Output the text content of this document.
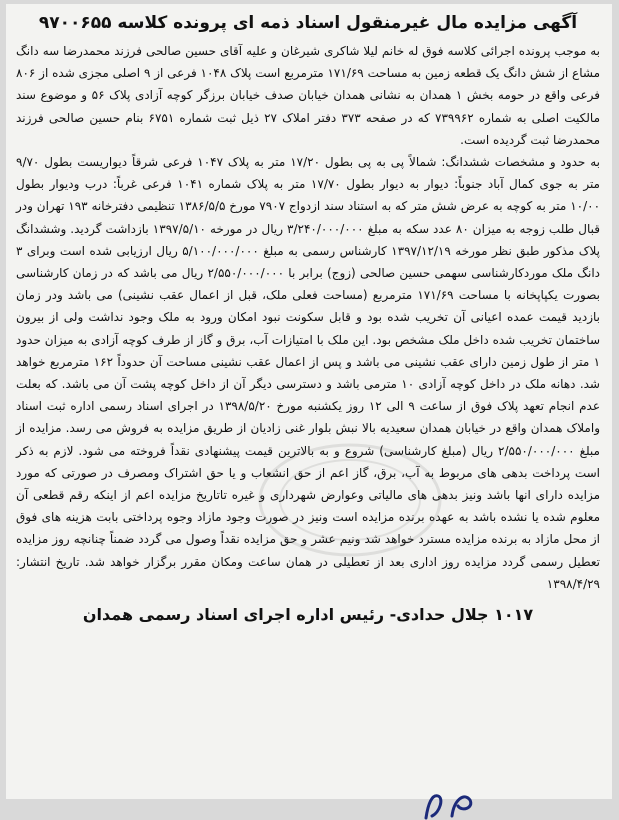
آگهی مزایده مال غیرمنقول اسناد ذمه ای پرونده کلاسه ۹۷۰۰۶۵۵

به موجب پرونده اجرائی کلاسه فوق له خانم لیلا شاکری شیرغان و علیه آقای حسین صالحی فرزند محمدرضا سه دانگ مشاع از شش دانگ یک قطعه زمین به مساحت ۱۷۱/۶۹ مترمربع است پلاک ۱۰۴۸ فرعی از ۹ اصلی مجزی شده از ۸۰۶ فرعی واقع در حومه بخش ۱ همدان به نشانی همدان خیابان صدف خیابان برزگر کوچه آزادی پلاک ۵۶ و موضوع سند مالکیت اصلی به شماره ۷۳۹۹۶۲ که در صفحه ۳۷۳ دفتر املاک ۲۷ ذیل ثبت شماره ۶۷۵۱ بنام حسین صالحی فرزند محمدرضا ثبت گردیده است.

به حدود و مشخصات ششدانگ: شمالاً پی به پی بطول ۱۷/۲۰ متر به پلاک ۱۰۴۷ فرعی شرقاً دیواریست بطول ۹/۷۰ متر به جوی کمال آباد جنوباً: دیوار به دیوار بطول ۱۷/۷۰ متر به پلاک شماره ۱۰۴۱ فرعی غرباً: درب ودیوار بطول ۱۰/۰۰ متر به کوچه به عرض شش متر که به استناد سند ازدواج ۷۹۰۷ مورخ ۱۳۸۶/۵/۵ تنظیمی دفترخانه ۱۹۳ تهران ودر قبال طلب زوجه به میزان ۸۰ عدد سکه به مبلغ ۳/۲۴۰/۰۰۰/۰۰۰ ریال در مورخه ۱۳۹۷/۵/۱۰ بازداشت گردید. وششدانگ پلاک مذکور طبق نظر مورخه ۱۳۹۷/۱۲/۱۹ کارشناس رسمی به مبلغ ۵/۱۰۰/۰۰۰/۰۰۰ ریال ارزیابی شده است وبرای ۳ دانگ ملک موردکارشناسی سهمی حسین صالحی (زوج) برابر با ۲/۵۵۰/۰۰۰/۰۰۰ ریال می باشد که در زمان کارشناسی بصورت یکپاپخانه با مساحت ۱۷۱/۶۹ مترمربع (مساحت فعلی ملک، قبل از اعمال عقب نشینی) می باشد ودر زمان بازدید قیمت عمده اعیانی آن تخریب شده بود و قابل سکونت نبود امکان ورود به ملک وجود نداشت ولی از بیرون ساختمان تخریب شده داخل ملک مشخص بود. این ملک با امتیازات آب، برق و گاز از طرف کوچه آزادی به میزان حدود ۱ متر از طول زمین دارای عقب نشینی می باشد و پس از اعمال عقب نشینی مساحت آن حدوداً ۱۶۲ مترمربع خواهد شد. دهانه ملک در داخل کوچه آزادی ۱۰ مترمی باشد و دسترسی دیگر آن از داخل کوچه پشت آن می باشد. که بعلت عدم انجام تعهد پلاک فوق از ساعت ۹ الی ۱۲ روز یکشنبه مورخ ۱۳۹۸/۵/۲۰ در اجرای اسناد رسمی اداره ثبت اسناد واملاک همدان واقع در خیابان همدان سعیدیه بالا نبش بلوار غنی زادیان از طریق مزایده به فروش می رسد. مزایده از مبلغ ۲/۵۵۰/۰۰۰/۰۰۰ ریال (مبلغ کارشناسی) شروع و به بالاترین قیمت پیشنهادی نقداً فروخته می شود. لازم به ذکر است پرداخت بدهی های مربوط به آب، برق، گاز اعم از حق انشعاب و یا حق اشتراک ومصرف در صورتی که مورد مزایده دارای انها باشد ونیز بدهی های مالیاتی وعوارض شهرداری و غیره تاتاریخ مزایده اعم از اینکه رقم قطعی آن معلوم شده یا نشده باشد به عهده برنده مزایده است ونیز در صورت وجود مازاد وجوه پرداختی بابت هزینه های فوق از محل مازاد به برنده مزایده مسترد خواهد شد ونیم عشر و حق مزایده نقداً وصول می گردد ضمناً چنانچه روز مزایده تعطیل رسمی گردد مزایده روز اداری بعد از تعطیلی در همان ساعت ومکان مقرر برگزار خواهد شد. تاریخ انتشار: ۱۳۹۸/۴/۲۹

۱۰۱۷ جلال حدادی- رئیس اداره اجرای اسناد رسمی همدان
